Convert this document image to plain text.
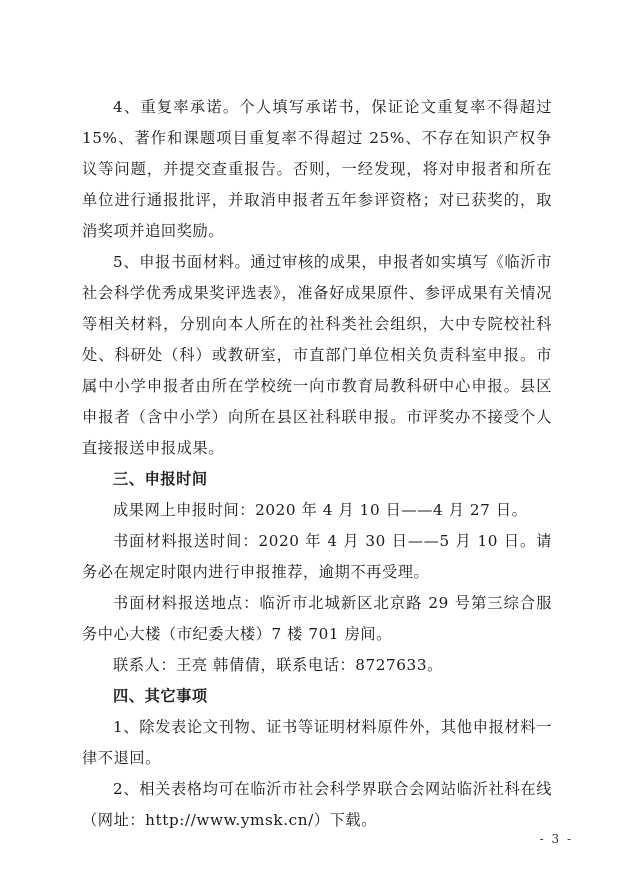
4、重复率承诺。个人填写承诺书，保证论文重复率不得超过 15%、著作和课题项目重复率不得超过 25%、不存在知识产权争议等问题，并提交查重报告。否则，一经发现，将对申报者和所在单位进行通报批评，并取消申报者五年参评资格；对已获奖的，取消奖项并追回奖励。

5、申报书面材料。通过审核的成果，申报者如实填写《临沂市社会科学优秀成果奖评选表》，准备好成果原件、参评成果有关情况等相关材料，分别向本人所在的社科类社会组织，大中专院校社科处、科研处（科）或教研室，市直部门单位相关负责科室申报。市属中小学申报者由所在学校统一向市教育局教科研中心申报。县区申报者（含中小学）向所在县区社科联申报。市评奖办不接受个人直接报送申报成果。

三、申报时间

成果网上申报时间：2020 年 4 月 10 日——4 月 27 日。

书面材料报送时间：2020 年 4 月 30 日——5 月 10 日。请务必在规定时限内进行申报推荐，逾期不再受理。

书面材料报送地点：临沂市北城新区北京路 29 号第三综合服务中心大楼（市纪委大楼）7 楼 701 房间。

联系人：王亮 韩倩倩，联系电话：8727633。

四、其它事项

1、除发表论文刊物、证书等证明材料原件外，其他申报材料一律不退回。

2、相关表格均可在临沂市社会科学界联合会网站临沂社科在线（网址：http://www.ymsk.cn/）下载。

- 3 -
